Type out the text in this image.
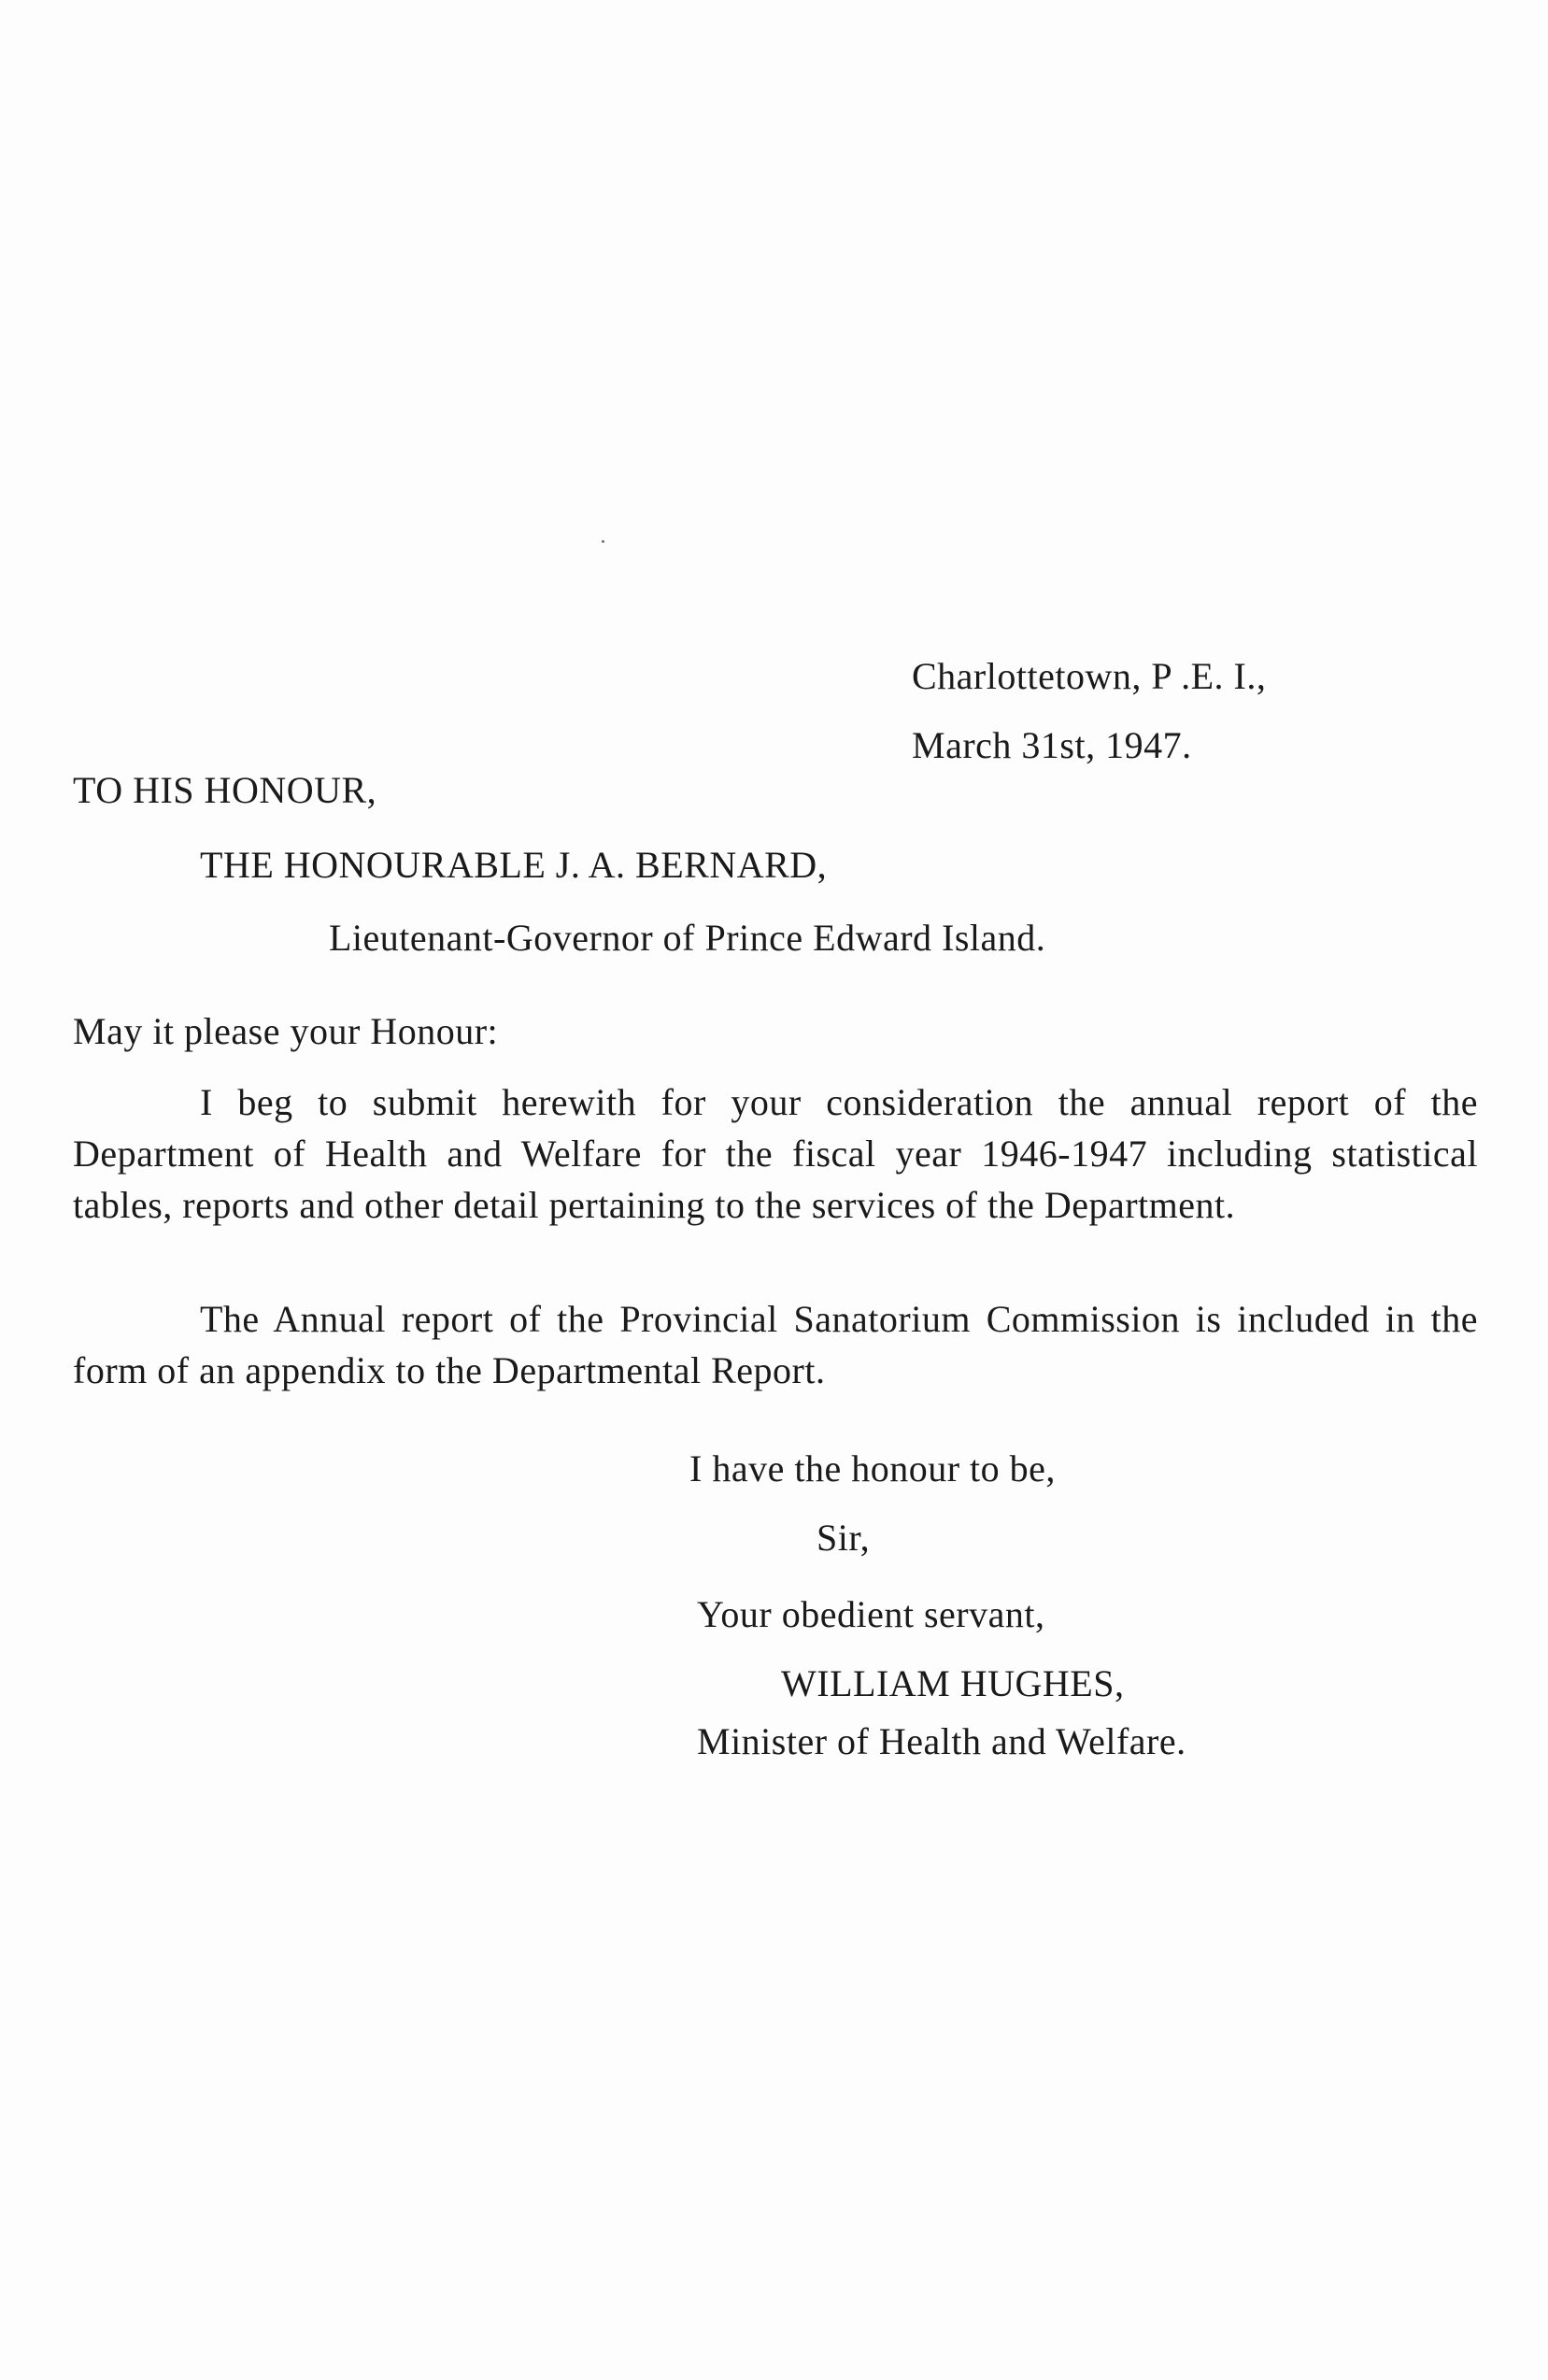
Charlottetown, P .E. I.,
March 31st, 1947.
TO HIS HONOUR,
THE HONOURABLE J. A. BERNARD,
Lieutenant-Governor of Prince Edward Island.
May it please your Honour:

I beg to submit herewith for your consideration the annual report of the Department of Health and Welfare for the fiscal year 1946-1947 including statistical tables, reports and other detail pertaining to the services of the Department.

The Annual report of the Provincial Sanatorium Commission is included in the form of an appendix to the Departmental Report.

I have the honour to be,
Sir,
Your obedient servant,
WILLIAM HUGHES,
Minister of Health and Welfare.
